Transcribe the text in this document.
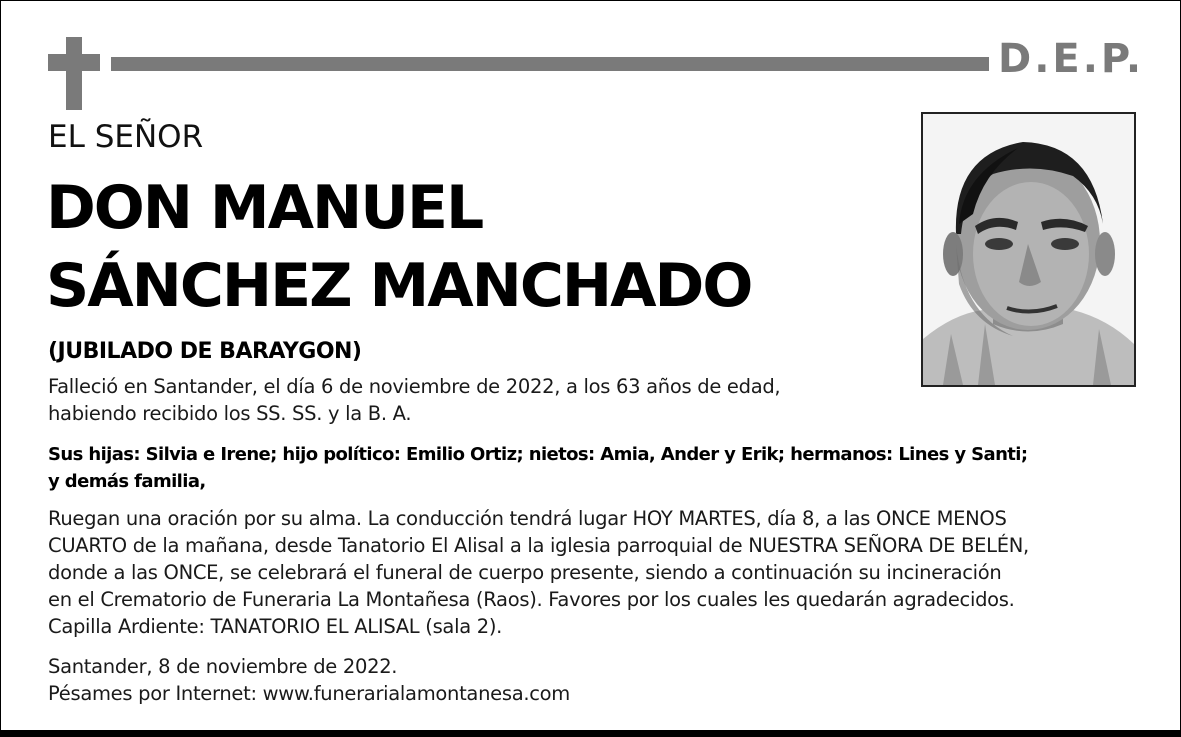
D.E.P.
EL SEÑOR
DON MANUEL
SÁNCHEZ MANCHADO
(JUBILADO DE BARAYGON)
Falleció en Santander, el día 6 de noviembre de 2022, a los 63 años de edad,
habiendo recibido los SS. SS. y la B. A.
Sus hijas: Silvia e Irene; hijo político: Emilio Ortiz; nietos: Amia, Ander y Erik; hermanos: Lines y Santi;
y demás familia,
Ruegan una oración por su alma. La conducción tendrá lugar HOY MARTES, día 8, a las ONCE MENOS
CUARTO de la mañana, desde Tanatorio El Alisal a la iglesia parroquial de NUESTRA SEÑORA DE BELÉN,
donde a las ONCE, se celebrará el funeral de cuerpo presente, siendo a continuación su incineración
en el Crematorio de Funeraria La Montañesa (Raos). Favores por los cuales les quedarán agradecidos.
Capilla Ardiente: TANATORIO EL ALISAL (sala 2).
Santander, 8 de noviembre de 2022.
Pésames por Internet: www.funerarialamontanesa.com
